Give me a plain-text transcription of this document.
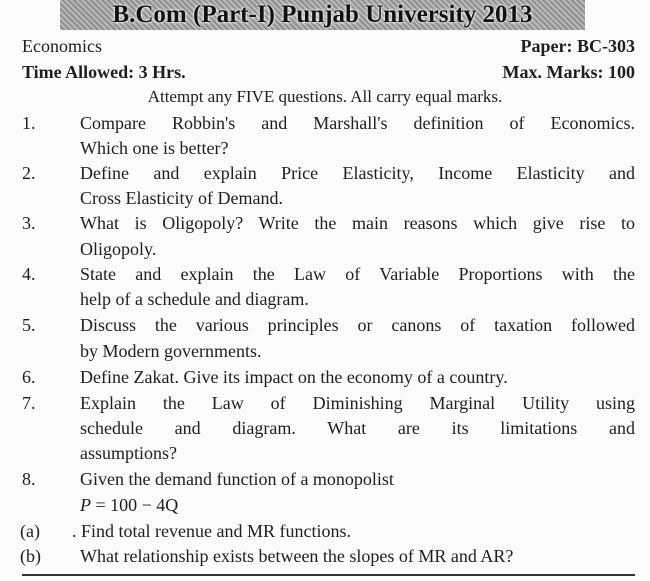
B.Com (Part-I) Punjab University 2013
Economics	Paper: BC-303
Time Allowed: 3 Hrs.	Max. Marks: 100
Attempt any FIVE questions. All carry equal marks.
1. Compare Robbin's and Marshall's definition of Economics.
Which one is better?
2. Define and explain Price Elasticity, Income Elasticity and
Cross Elasticity of Demand.
3. What is Oligopoly? Write the main reasons which give rise to
Oligopoly.
4. State and explain the Law of Variable Proportions with the
help of a schedule and diagram.
5. Discuss the various principles or canons of taxation followed
by Modern governments.
6. Define Zakat. Give its impact on the economy of a country.
7. Explain the Law of Diminishing Marginal Utility using
schedule and diagram. What are its limitations and
assumptions?
8. Given the demand function of a monopolist
P = 100 − 4Q
(a) . Find total revenue and MR functions.
(b) What relationship exists between the slopes of MR and AR?
